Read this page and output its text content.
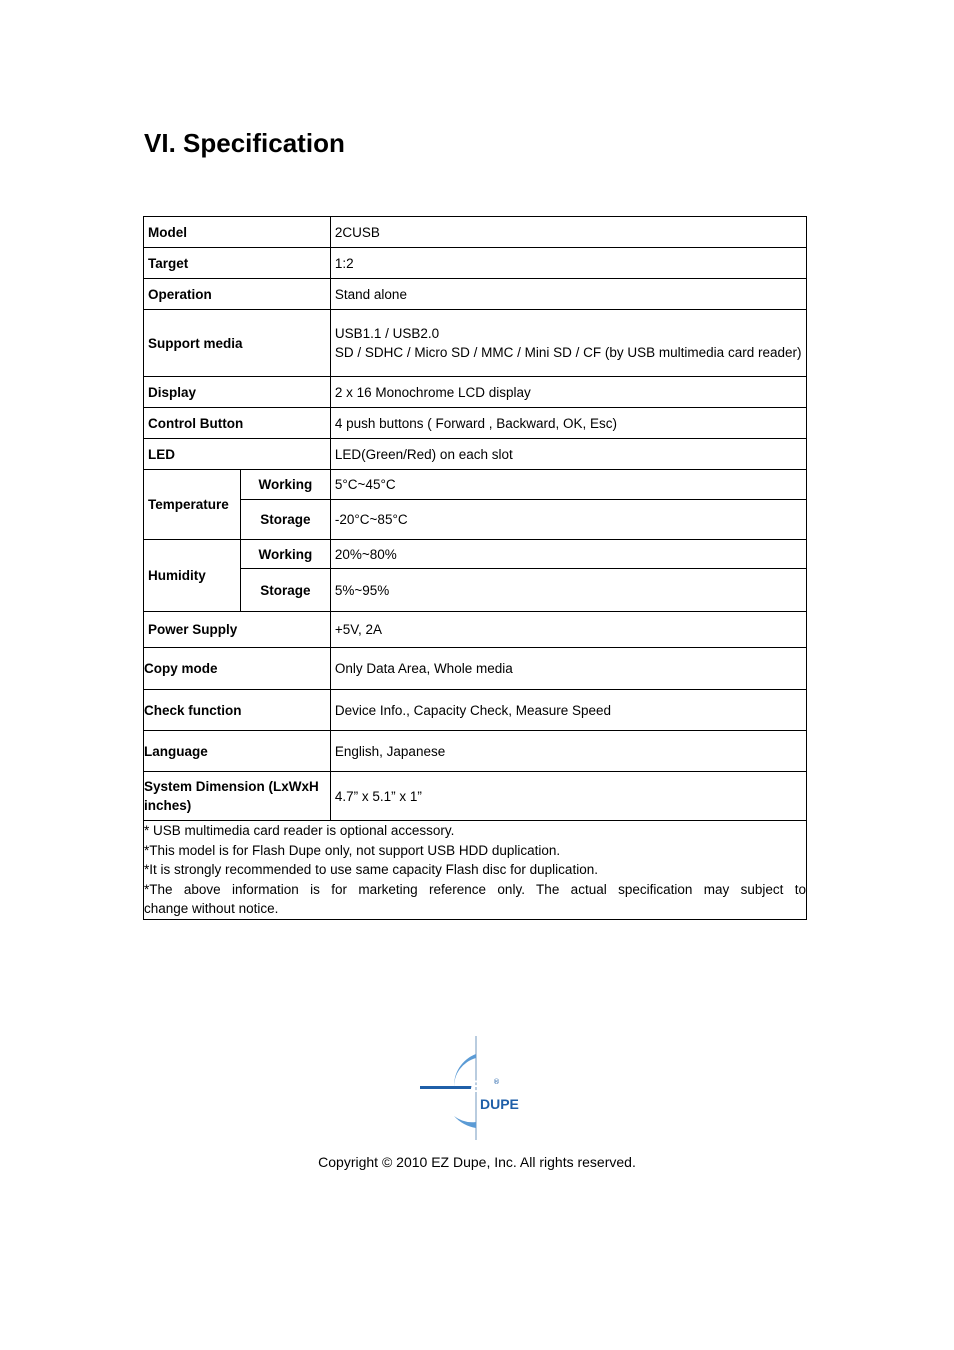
VI. Specification
Model		2CUSB
Target		1:2
Operation		Stand alone
Support media		USB1.1 / USB2.0
SD / SDHC / Micro SD / MMC / Mini SD / CF (by USB multimedia card reader)

Display		2 x 16 Monochrome LCD display
Control Button		4 push buttons ( Forward , Backward, OK, Esc)
LED		LED(Green/Red) on each slot
Temperature	Working	5°C~45°C
	Storage	-20°C~85°C
Humidity	Working	20%~80%
	Storage	5%~95%
Power Supply		+5V, 2A
Copy mode		Only Data Area, Whole media
Check function		Device Info., Capacity Check, Measure Speed
Language		English, Japanese
System Dimension (LxWxH inches)		4.7” x 5.1” x 1”

* USB multimedia card reader is optional accessory.
*This model is for Flash Dupe only, not support USB HDD duplication.
*It is strongly recommended to use same capacity Flash disc for duplication.
*The above information is for marketing reference only. The actual specification may subject to
change without notice.		
EZ
DUPE
®
Copyright © 2010 EZ Dupe, Inc. All rights reserved.
